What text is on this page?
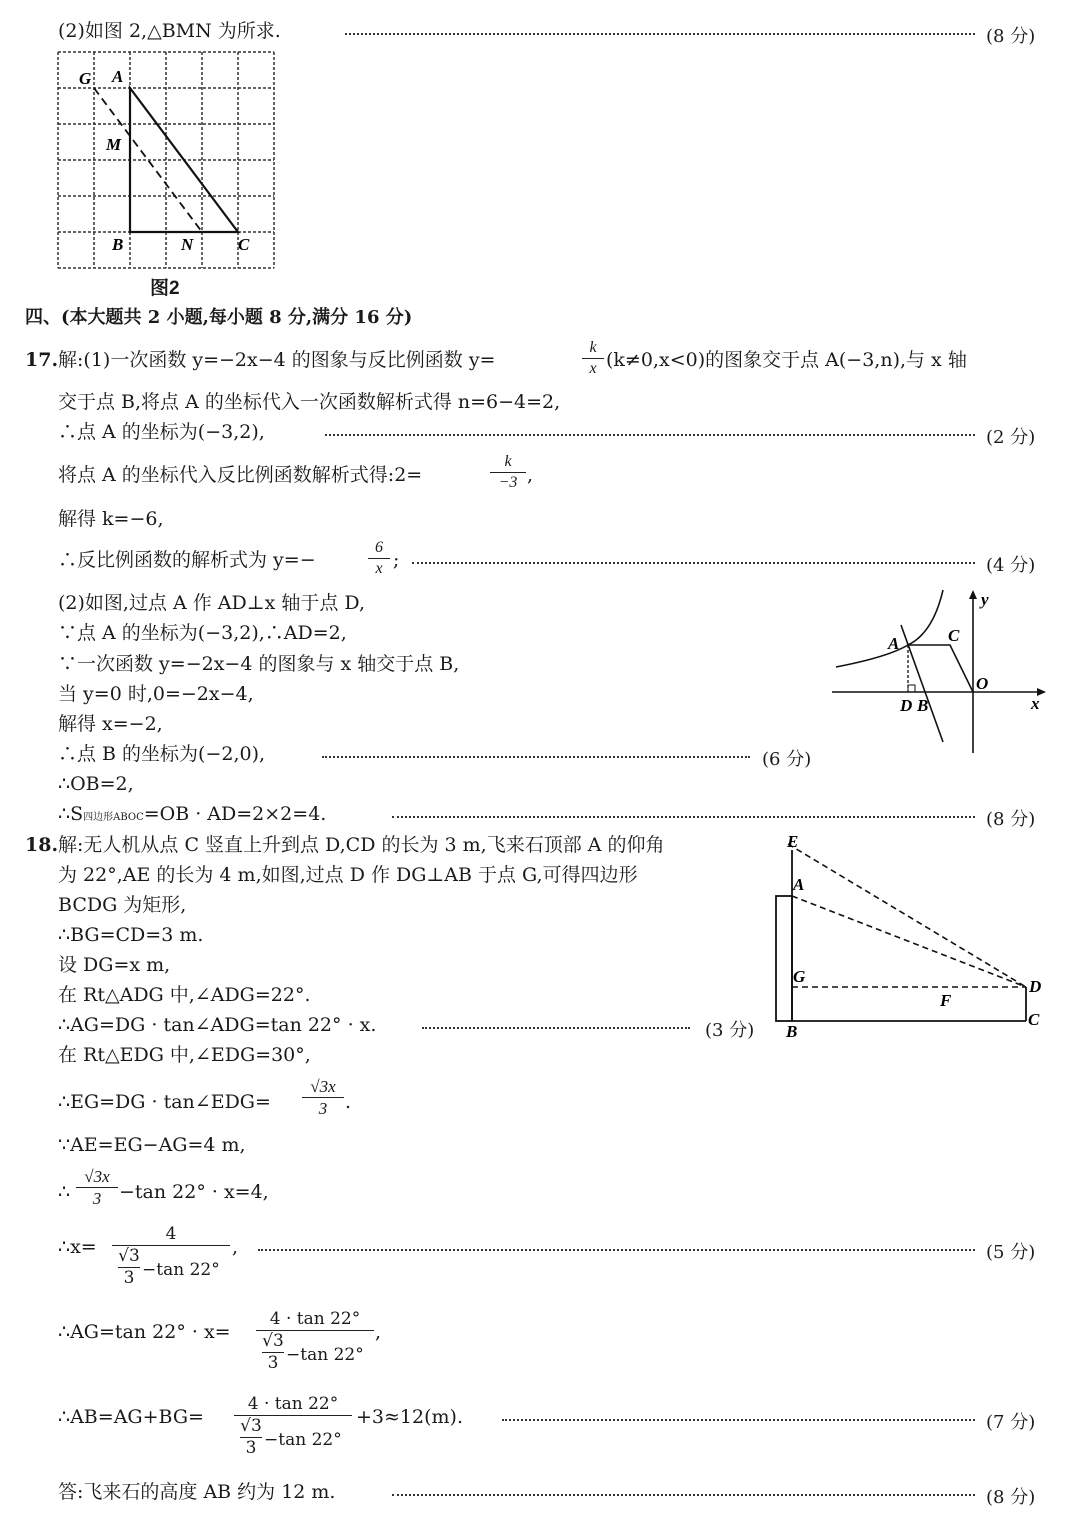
(2)如图 2,△BMN 为所求.	(8 分)
G A
M
B	N	C
图2
四、(本大题共 2 小题,每小题 8 分,满分 16 分)
17. 解:(1)一次函数 y=−2x−4 的图象与反比例函数 y=
k
x (k≠0,x<0)的图象交于点 A(−3,n),与 x 轴
交于点 B,将点 A 的坐标代入一次函数解析式得 n=6−4=2,
∴点 A 的坐标为(−3,2),	(2 分)
将点 A 的坐标代入反比例函数解析式得:2=
k
−3 ,
解得 k=−6,
∴反比例函数的解析式为 y=−
6
x ;	(4 分)
(2)如图,过点 A 作 AD⊥x 轴于点 D,
∵点 A 的坐标为(−3,2),∴AD=2,
∵一次函数 y=−2x−4 的图象与 x 轴交于点 B,
当 y=0 时,0=−2x−4,
解得 x=−2,
∴点 B 的坐标为(−2,0),	(6 分)
∴OB=2,
∴S四边形ABOC=OB · AD=2×2=4.	(8 分)
y
A	C
O
D B	x
18. 解:无人机从点 C 竖直上升到点 D,CD 的长为 3 m,飞来石顶部 A 的仰角
为 22°,AE 的长为 4 m,如图,过点 D 作 DG⊥AB 于点 G,可得四边形
BCDG 为矩形,
∴BG=CD=3 m.
设 DG=x m,
在 Rt△ADG 中,∠ADG=22°.
∴AG=DG · tan∠ADG=tan 22° · x.	(3 分)
在 Rt△EDG 中,∠EDG=30°,
∴EG=DG · tan∠EDG=
√3x
3 .
∵AE=EG−AG=4 m,
∴
√3x
3 −tan 22° · x=4,
∴x=
4
√3
3 −tan 22°
,	(5 分)
∴AG=tan 22° · x=
4 · tan 22°
√3
3 −tan 22°
,
∴AB=AG+BG=
4 · tan 22°
√3
3 −tan 22°
+3≈12(m).	(7 分)
答:飞来石的高度 AB 约为 12 m.	(8 分)
E
A
G
F
D
B
C
